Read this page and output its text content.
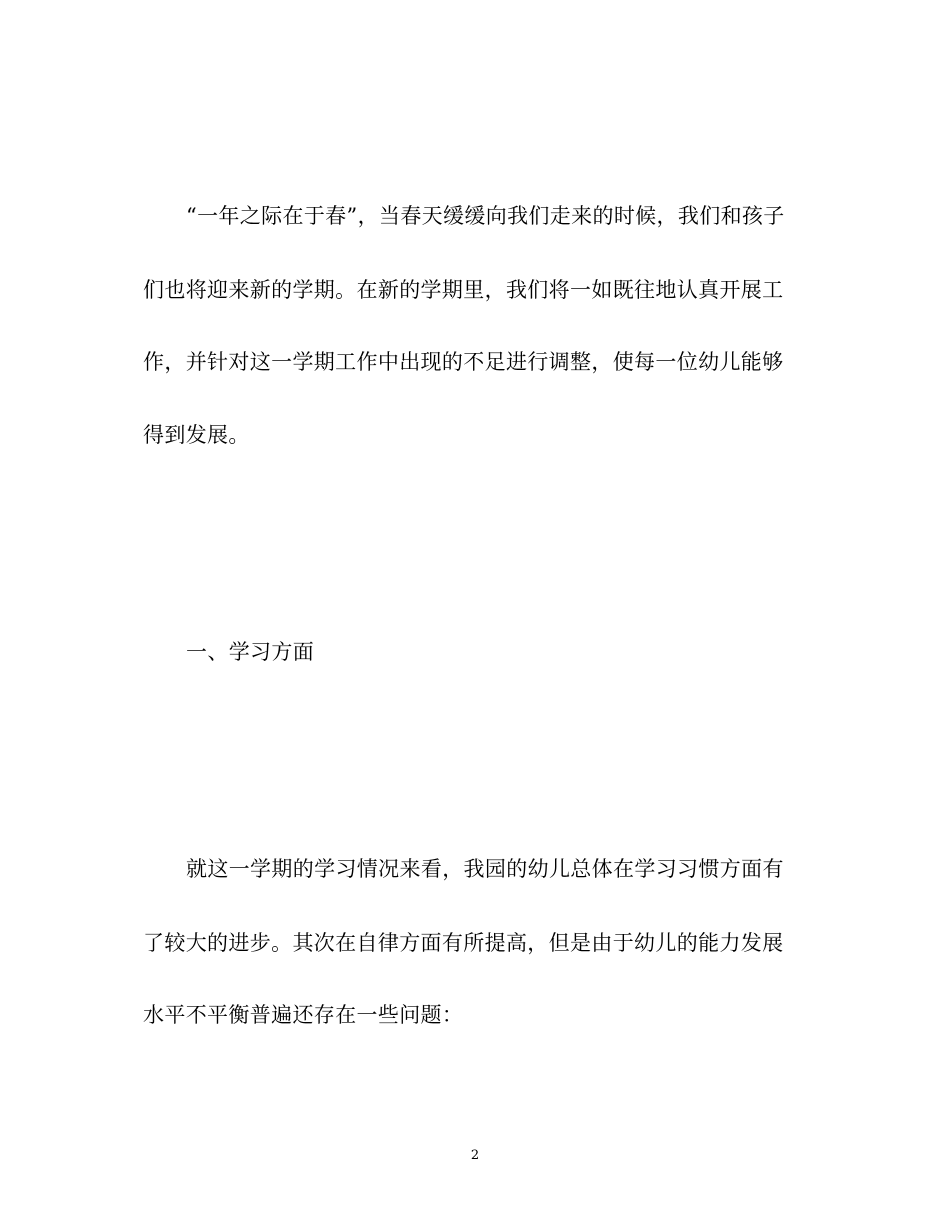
“一年之际在于春”，当春天缓缓向我们走来的时候，我们和孩子
们也将迎来新的学期。在新的学期里，我们将一如既往地认真开展工
作，并针对这一学期工作中出现的不足进行调整，使每一位幼儿能够
得到发展。
一、学习方面
就这一学期的学习情况来看，我园的幼儿总体在学习习惯方面有
了较大的进步。其次在自律方面有所提高，但是由于幼儿的能力发展
水平不平衡普遍还存在一些问题：
2
